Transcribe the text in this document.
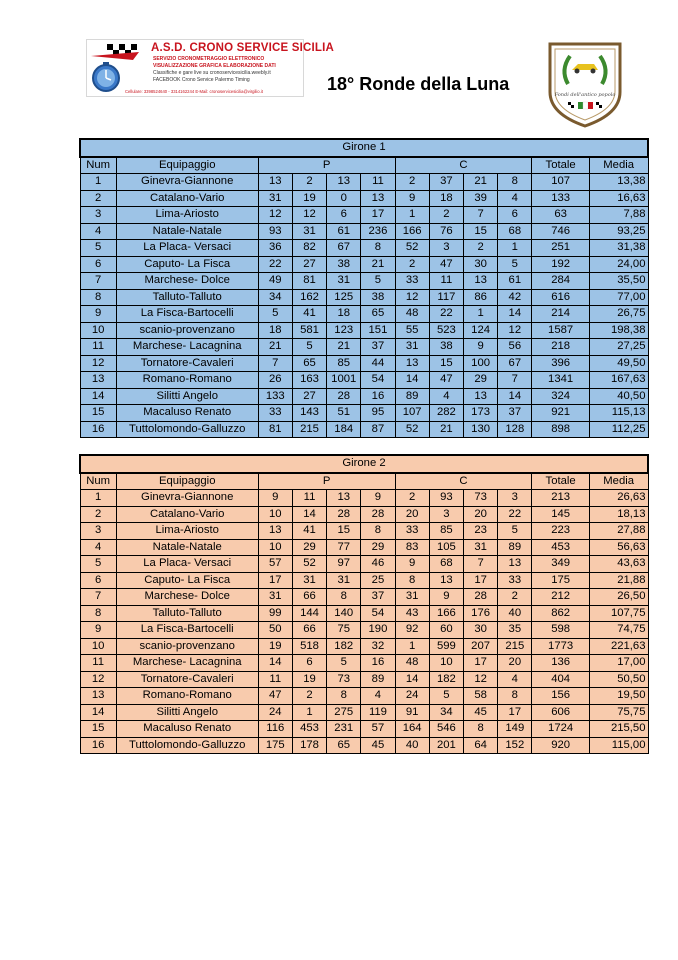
A.S.D. CRONO SERVICE SICILIA
SERVIZIO CRONOMETRAGGIO ELETTRONICO
VISUALIZZAZIONE GRAFICA ELABORAZIONE DATI
Classifiche e gare live su cronoservicesicilia.weebly.it
FACEBOOK Crono Service Palermo Timing
Cellulare: 3398524640 - 3314162244 E-Mail: cronoservicesicilia@virgilio.it	18° Ronde della Luna
Fondi dell'antico popolo
Girone 1											
Num	Equipaggio	P				C				Totale	Media
1	Ginevra-Giannone	13	2	13	11	2	37	21	8	107	13,38
2	Catalano-Vario	31	19	0	13	9	18	39	4	133	16,63
3	Lima-Ariosto	12	12	6	17	1	2	7	6	63	7,88
4	Natale-Natale	93	31	61	236	166	76	15	68	746	93,25
5	La Placa- Versaci	36	82	67	8	52	3	2	1	251	31,38
6	Caputo- La Fisca	22	27	38	21	2	47	30	5	192	24,00
7	Marchese- Dolce	49	81	31	5	33	11	13	61	284	35,50
8	Talluto-Talluto	34	162	125	38	12	117	86	42	616	77,00
9	La Fisca-Bartocelli	5	41	18	65	48	22	1	14	214	26,75
10	scanio-provenzano	18	581	123	151	55	523	124	12	1587	198,38
11	Marchese- Lacagnina	21	5	21	37	31	38	9	56	218	27,25
12	Tornatore-Cavaleri	7	65	85	44	13	15	100	67	396	49,50
13	Romano-Romano	26	163	1001	54	14	47	29	7	1341	167,63
14	Silitti Angelo	133	27	28	16	89	4	13	14	324	40,50
15	Macaluso Renato	33	143	51	95	107	282	173	37	921	115,13
16	Tuttolomondo-Galluzzo	81	215	184	87	52	21	130	128	898	112,25
Girone 2											
Num	Equipaggio	P				C				Totale	Media
1	Ginevra-Giannone	9	11	13	9	2	93	73	3	213	26,63
2	Catalano-Vario	10	14	28	28	20	3	20	22	145	18,13
3	Lima-Ariosto	13	41	15	8	33	85	23	5	223	27,88
4	Natale-Natale	10	29	77	29	83	105	31	89	453	56,63
5	La Placa- Versaci	57	52	97	46	9	68	7	13	349	43,63
6	Caputo- La Fisca	17	31	31	25	8	13	17	33	175	21,88
7	Marchese- Dolce	31	66	8	37	31	9	28	2	212	26,50
8	Talluto-Talluto	99	144	140	54	43	166	176	40	862	107,75
9	La Fisca-Bartocelli	50	66	75	190	92	60	30	35	598	74,75
10	scanio-provenzano	19	518	182	32	1	599	207	215	1773	221,63
11	Marchese- Lacagnina	14	6	5	16	48	10	17	20	136	17,00
12	Tornatore-Cavaleri	11	19	73	89	14	182	12	4	404	50,50
13	Romano-Romano	47	2	8	4	24	5	58	8	156	19,50
14	Silitti Angelo	24	1	275	119	91	34	45	17	606	75,75
15	Macaluso Renato	116	453	231	57	164	546	8	149	1724	215,50
16	Tuttolomondo-Galluzzo	175	178	65	45	40	201	64	152	920	115,00
